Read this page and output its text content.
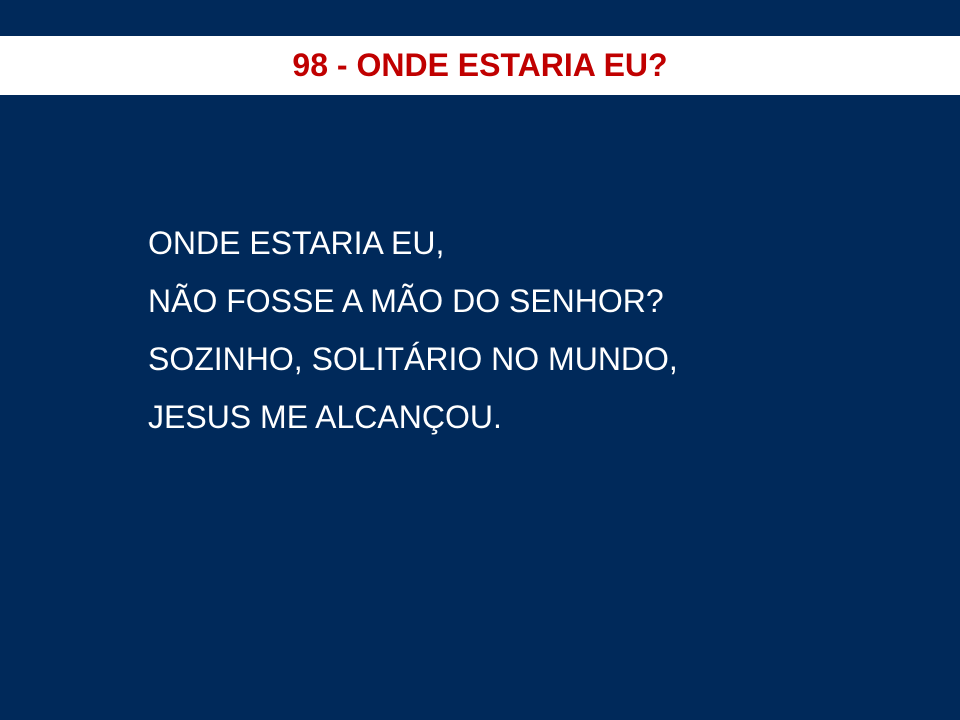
98 - ONDE ESTARIA EU?
ONDE ESTARIA EU,
NÃO FOSSE A MÃO DO SENHOR?
SOZINHO, SOLITÁRIO NO MUNDO,
JESUS ME ALCANÇOU.
